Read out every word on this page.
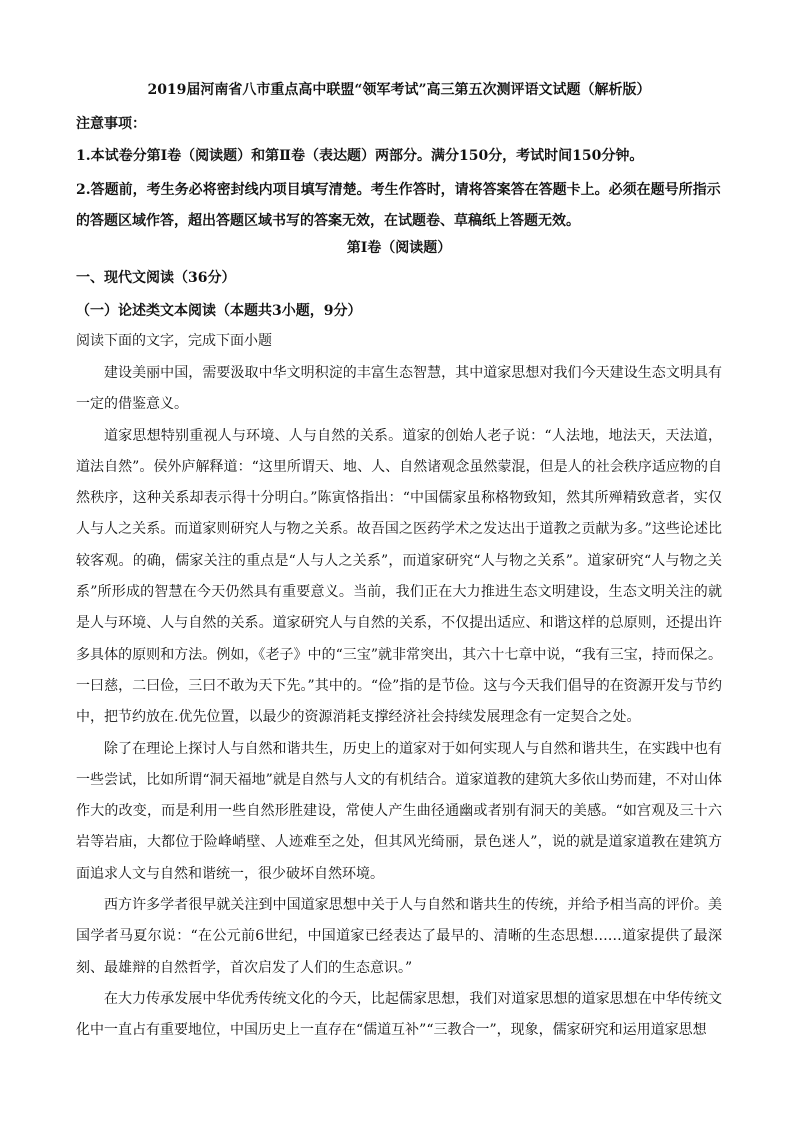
2019届河南省八市重点高中联盟“领军考试”高三第五次测评语文试题（解析版）
注意事项：
1.本试卷分第Ⅰ卷（阅读题）和第Ⅱ卷（表达题）两部分。满分150分，考试时间150分钟。
2.答题前，考生务必将密封线内项目填写清楚。考生作答时，请将答案答在答题卡上。必须在题号所指示的答题区域作答，超出答题区域书写的答案无效，在试题卷、草稿纸上答题无效。
第Ⅰ卷（阅读题）
一、现代文阅读（36分）
（一）论述类文本阅读（本题共3小题，9分）
阅读下面的文字，完成下面小题

建设美丽中国，需要汲取中华文明积淀的丰富生态智慧，其中道家思想对我们今天建设生态文明具有一定的借鉴意义。

道家思想特别重视人与环境、人与自然的关系。道家的创始人老子说：“人法地，地法天，天法道，道法自然”。侯外庐解释道：“这里所谓天、地、人、自然诸观念虽然蒙混，但是人的社会秩序适应物的自然秩序，这种关系却表示得十分明白。”陈寅恪指出：“中国儒家虽称格物致知，然其所殚精致意者，实仅人与人之关系。而道家则研究人与物之关系。故吾国之医药学术之发达出于道教之贡献为多。”这些论述比较客观。的确，儒家关注的重点是“人与人之关系”，而道家研究“人与物之关系”。道家研究“人与物之关系”所形成的智慧在今天仍然具有重要意义。当前，我们正在大力推进生态文明建设，生态文明关注的就是人与环境、人与自然的关系。道家研究人与自然的关系，不仅提出适应、和谐这样的总原则，还提出许多具体的原则和方法。例如，《老子》中的“三宝”就非常突出，其六十七章中说，“我有三宝，持而保之。一曰慈，二曰俭，三曰不敢为天下先。”其中的。“俭”指的是节俭。这与今天我们倡导的在资源开发与节约中，把节约放在.优先位置，以最少的资源消耗支撑经济社会持续发展理念有一定契合之处。

除了在理论上探讨人与自然和谐共生，历史上的道家对于如何实现人与自然和谐共生，在实践中也有一些尝试，比如所谓“洞天福地”就是自然与人文的有机结合。道家道教的建筑大多依山势而建，不对山体作大的改变，而是利用一些自然形胜建设，常使人产生曲径通幽或者别有洞天的美感。“如宫观及三十六岩等岩庙，大都位于险峰峭壁、人迹难至之处，但其风光绮丽，景色迷人”，说的就是道家道教在建筑方面追求人文与自然和谐统一，很少破坏自然环境。

西方许多学者很早就关注到中国道家思想中关于人与自然和谐共生的传统，并给予相当高的评价。美国学者马夏尔说：“在公元前6世纪，中国道家已经表达了最早的、清晰的生态思想……道家提供了最深刻、最雄辩的自然哲学，首次启发了人们的生态意识。”

在大力传承发展中华优秀传统文化的今天，比起儒家思想，我们对道家思想的道家思想在中华传统文化中一直占有重要地位，中国历史上一直存在“儒道互补”“三教合一”，现象，儒家研究和运用道家思想
